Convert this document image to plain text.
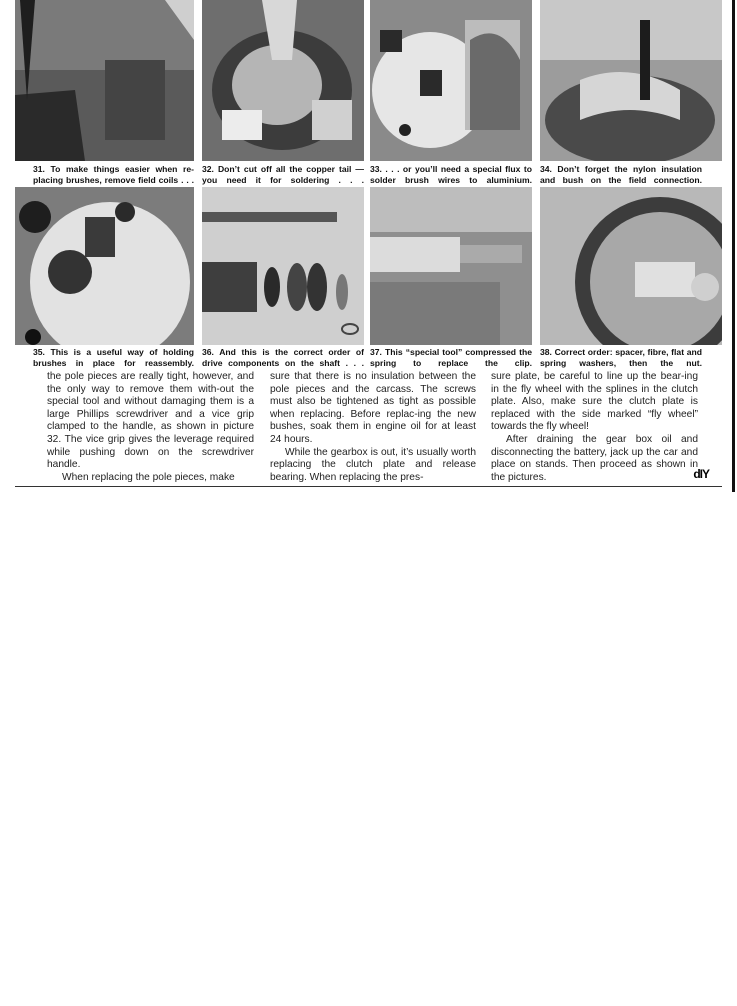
31. To make things easier when re-placing brushes, remove field coils . . .
32. Don’t cut off all the copper tail — you need it for soldering . . .
33. . . . or you’ll need a special flux to solder brush wires to aluminium.
34. Don’t forget the nylon insulation and bush on the field connection.
35. This is a useful way of holding brushes in place for reassembly.
36. And this is the correct order of drive components on the shaft . . .
37. This “special tool” compressed the spring to replace the clip.
38. Correct order: spacer, fibre, flat and spring washers, then the nut.

the pole pieces are really tight, however, and the only way to remove them with-out the special tool and without damaging them is a large Phillips screwdriver and a vice grip clamped to the handle, as shown in picture 32. The vice grip gives the leverage required while pushing down on the screwdriver handle.

When replacing the pole pieces, make

sure that there is no insulation between the pole pieces and the carcass. The screws must also be tightened as tight as possible when replacing. Before replac-ing the new bushes, soak them in engine oil for at least 24 hours.

While the gearbox is out, it’s usually worth replacing the clutch plate and release bearing. When replacing the pres-

sure plate, be careful to line up the bear-ing in the fly wheel with the splines in the clutch plate. Also, make sure the clutch plate is replaced with the side marked “fly wheel” towards the fly wheel!

After draining the gear box oil and disconnecting the battery, jack up the car and place on stands. Then proceed as shown in the pictures.	dIY
